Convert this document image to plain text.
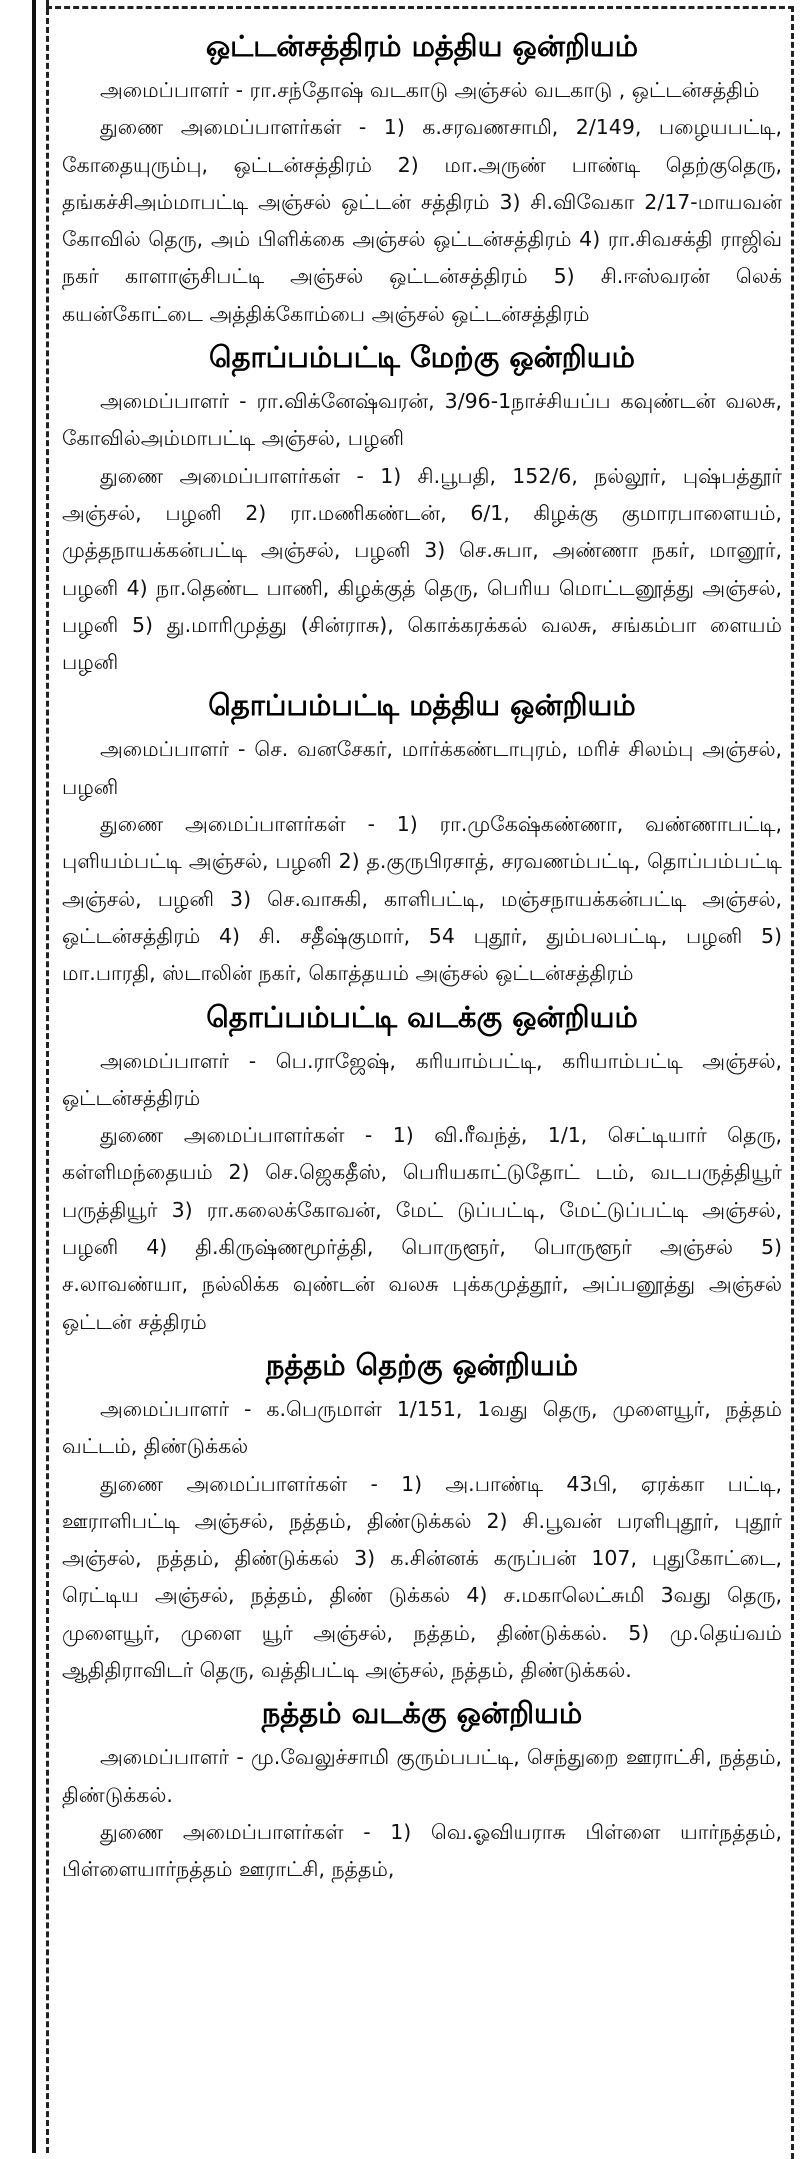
ஒட்டன்சத்திரம் மத்திய ஒன்றியம்

அமைப்பாளர் - ரா.சந்தோஷ் வடகாடு அஞ்சல் வடகாடு , ஒட்டன்சத்திம்

துணை அமைப்பாளர்கள் - 1) க.சரவணசாமி, 2/149, பழையபட்டி, கோதையுரும்பு, ஒட்டன்சத்திரம் 2) மா.அருண் பாண்டி தெற்குதெரு, தங்கச்சிஅம்மாபட்டி அஞ்சல் ஒட்டன் சத்திரம் 3) சி.விவேகா 2/17-மாயவன் கோவில் தெரு, அம் பிளிக்கை அஞ்சல் ஒட்டன்சத்திரம் 4) ரா.சிவசக்தி ராஜிவ் நகர் காளாஞ்சிபட்டி அஞ்சல் ஒட்டன்சத்திரம் 5) சி.ஈஸ்வரன் லெக் கயன்கோட்டை அத்திக்கோம்பை அஞ்சல் ஒட்டன்சத்திரம்

தொப்பம்பட்டி மேற்கு ஒன்றியம்

அமைப்பாளர் - ரா.விக்னேஷ்வரன், 3/96-1நாச்சியப்ப கவுண்டன் வலசு, கோவில்அம்மாபட்டி அஞ்சல், பழனி

துணை அமைப்பாளர்கள் - 1) சி.பூபதி, 152/6, நல்லூர், புஷ்பத்தூர் அஞ்சல், பழனி 2) ரா.மணிகண்டன், 6/1, கிழக்கு குமாரபாளையம், முத்தநாயக்கன்பட்டி அஞ்சல், பழனி 3) செ.சுபா, அண்ணா நகர், மானூர், பழனி 4) நா.தெண்ட பாணி, கிழக்குத் தெரு, பெரிய மொட்டனூத்து அஞ்சல், பழனி 5) து.மாரிமுத்து (சின்ராசு), கொக்கரக்கல் வலசு, சங்கம்பா ளையம் பழனி

தொப்பம்பட்டி மத்திய ஒன்றியம்

அமைப்பாளர் - செ. வனசேகர், மார்க்கண்டாபுரம், மரிச் சிலம்பு அஞ்சல், பழனி

துணை அமைப்பாளர்கள் - 1) ரா.முகேஷ்கண்ணா, வண்ணாபட்டி, புளியம்பட்டி அஞ்சல், பழனி 2) த.குருபிரசாத், சரவணம்பட்டி, தொப்பம்பட்டி அஞ்சல், பழனி 3) செ.வாசுகி, காளிபட்டி, மஞ்சநாயக்கன்பட்டி அஞ்சல், ஒட்டன்சத்திரம் 4) சி. சதீஷ்குமார், 54 புதூர், தும்பலபட்டி, பழனி 5) மா.பாரதி, ஸ்டாலின் நகர், கொத்தயம் அஞ்சல் ஒட்டன்சத்திரம்

தொப்பம்பட்டி வடக்கு ஒன்றியம்

அமைப்பாளர் - பெ.ராஜேஷ், கரியாம்பட்டி, கரியாம்பட்டி அஞ்சல், ஒட்டன்சத்திரம்

துணை அமைப்பாளர்கள் - 1) வி.ரீவந்த், 1/1, செட்டியார் தெரு, கள்ளிமந்தையம் 2) செ.ஜெகதீஸ், பெரியகாட்டுதோட் டம், வடபருத்தியூர் பருத்தியூர் 3) ரா.கலைக்கோவன், மேட் டுப்பட்டி, மேட்டுப்பட்டி அஞ்சல், பழனி 4) தி.கிருஷ்ணமூர்த்தி, பொருளூர், பொருளூர் அஞ்சல் 5) ச.லாவண்யா, நல்லிக்க வுண்டன் வலசு புக்கமுத்தூர், அப்பனூத்து அஞ்சல் ஒட்டன் சத்திரம்

நத்தம் தெற்கு ஒன்றியம்

அமைப்பாளர் - க.பெருமாள் 1/151, 1வது தெரு, முளையூர், நத்தம் வட்டம், திண்டுக்கல்

துணை அமைப்பாளர்கள் - 1) அ.பாண்டி 43பி, ஏரக்கா பட்டி, ஊராளிபட்டி அஞ்சல், நத்தம், திண்டுக்கல் 2) சி.பூவன் பரளிபுதூர், புதூர் அஞ்சல், நத்தம், திண்டுக்கல் 3) க.சின்னக் கருப்பன் 107, புதுகோட்டை, ரெட்டிய அஞ்சல், நத்தம், திண் டுக்கல் 4) ச.மகாலெட்சுமி 3வது தெரு, முளையூர், முளை யூர் அஞ்சல், நத்தம், திண்டுக்கல். 5) மு.தெய்வம் ஆதிதிராவிடர் தெரு, வத்திபட்டி அஞ்சல், நத்தம், திண்டுக்கல்.

நத்தம் வடக்கு ஒன்றியம்

அமைப்பாளர் - மு.வேலுச்சாமி குரும்பபட்டி, செந்துறை ஊராட்சி, நத்தம், திண்டுக்கல்.

துணை அமைப்பாளர்கள் - 1) வெ.ஓவியராசு பிள்ளை யார்நத்தம், பிள்ளையார்நத்தம் ஊராட்சி, நத்தம்,
